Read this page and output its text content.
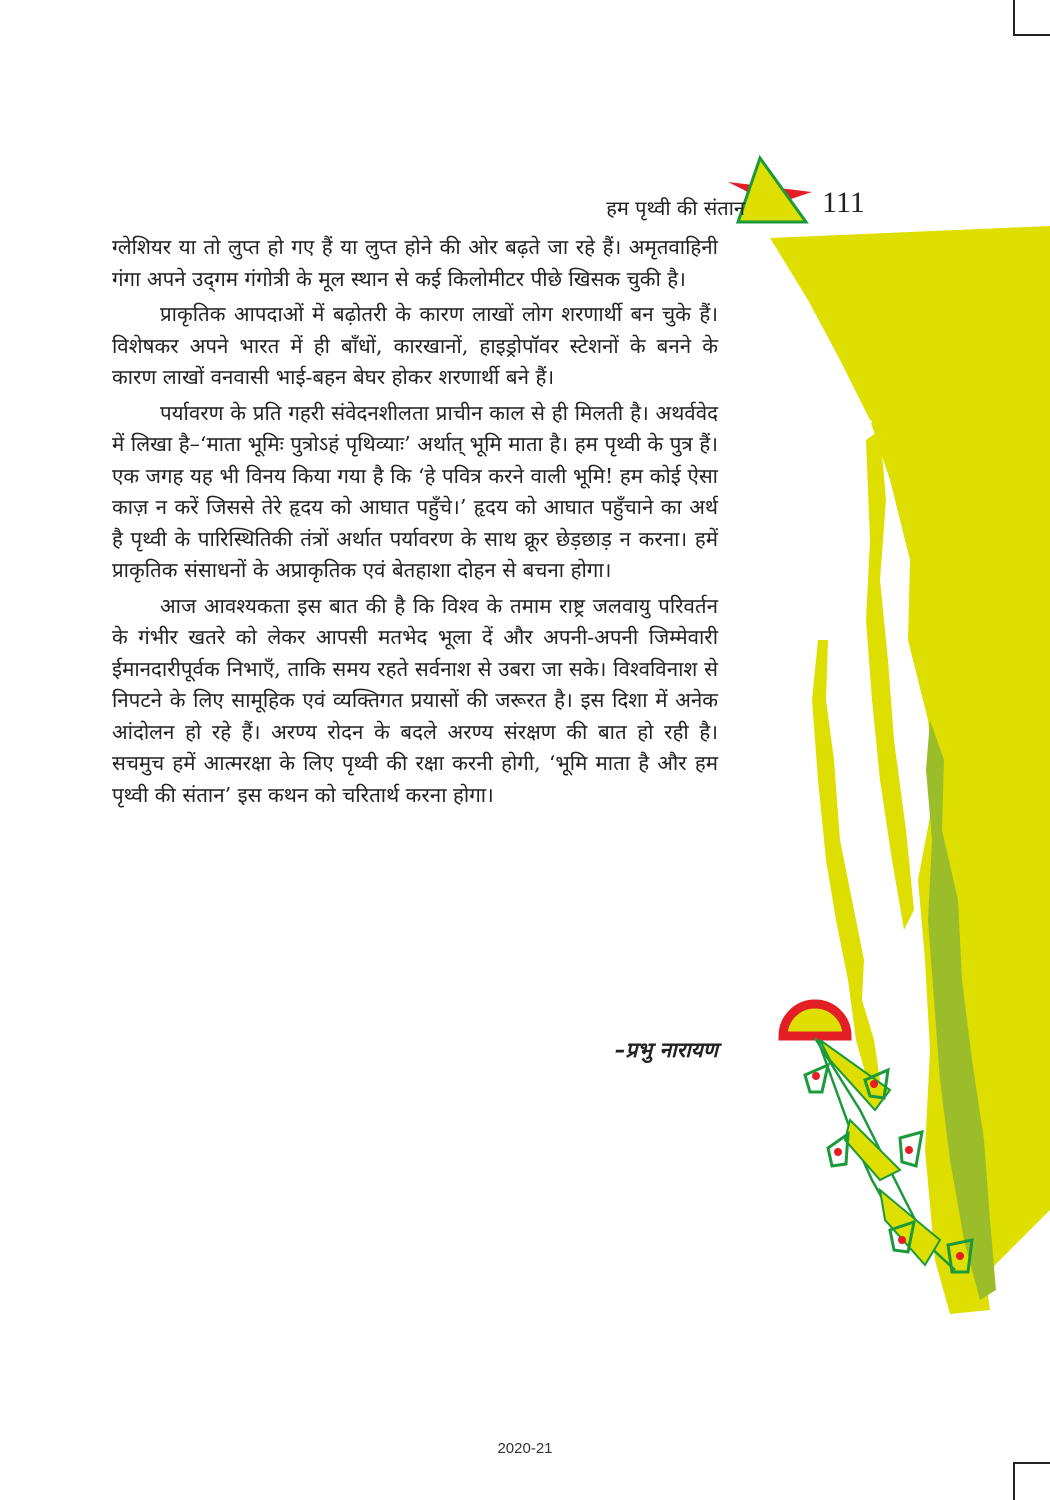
हम पृथ्वी की संतान	111

ग्लेशियर या तो लुप्त हो गए हैं या लुप्त होने की ओर बढ़ते जा रहे हैं। अमृतवाहिनी गंगा अपने उद्‌गम गंगोत्री के मूल स्थान से कई किलोमीटर पीछे खिसक चुकी है।

प्राकृतिक आपदाओं में बढ़ोतरी के कारण लाखों लोग शरणार्थी बन चुके हैं। विशेषकर अपने भारत में ही बाँधों, कारखानों, हाइड्रोपॉवर स्टेशनों के बनने के कारण लाखों वनवासी भाई-बहन बेघर होकर शरणार्थी बने हैं।

पर्यावरण के प्रति गहरी संवेदनशीलता प्राचीन काल से ही मिलती है। अथर्ववेद में लिखा है–‘माता भूमिः पुत्रोऽहं पृथिव्याः’ अर्थात् भूमि माता है। हम पृथ्वी के पुत्र हैं। एक जगह यह भी विनय किया गया है कि ‘हे पवित्र करने वाली भूमि! हम कोई ऐसा काज़ न करें जिससे तेरे हृदय को आघात पहुँचे।’ हृदय को आघात पहुँचाने का अर्थ है पृथ्वी के पारिस्थितिकी तंत्रों अर्थात पर्यावरण के साथ क्रूर छेड़छाड़ न करना। हमें प्राकृतिक संसाधनों के अप्राकृतिक एवं बेतहाशा दोहन से बचना होगा।

आज आवश्यकता इस बात की है कि विश्व के तमाम राष्ट्र जलवायु परिवर्तन के गंभीर खतरे को लेकर आपसी मतभेद भूला दें और अपनी-अपनी जिम्मेवारी ईमानदारीपूर्वक निभाएँ, ताकि समय रहते सर्वनाश से उबरा जा सके। विश्वविनाश से निपटने के लिए सामूहिक एवं व्यक्तिगत प्रयासों की जरूरत है। इस दिशा में अनेक आंदोलन हो रहे हैं। अरण्य रोदन के बदले अरण्य संरक्षण की बात हो रही है। सचमुच हमें आत्मरक्षा के लिए पृथ्वी की रक्षा करनी होगी, ‘भूमि माता है और हम पृथ्वी की संतान’ इस कथन को चरितार्थ करना होगा।

–प्रभु नारायण
2020-21
